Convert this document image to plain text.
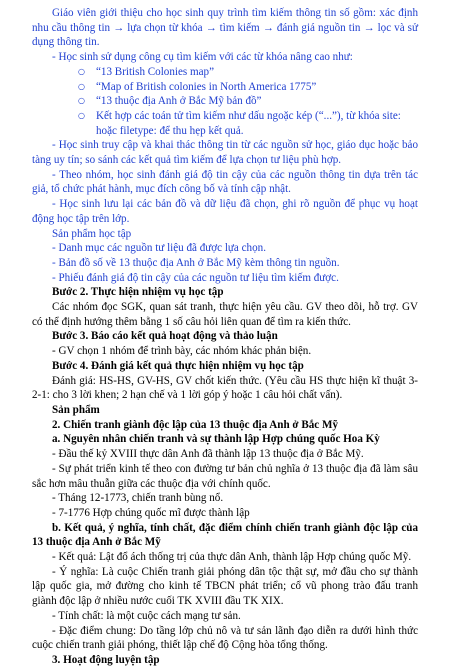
Giáo viên giới thiệu cho học sinh quy trình tìm kiếm thông tin số gồm: xác định nhu cầu thông tin → lựa chọn từ khóa → tìm kiếm → đánh giá nguồn tin → lọc và sử dụng thông tin.

- Học sinh sử dụng công cụ tìm kiếm với các từ khóa nâng cao như:

○ “13 British Colonies map”
○ “Map of British colonies in North America 1775”
○ “13 thuộc địa Anh ở Bắc Mỹ bản đồ”
○ Kết hợp các toán tử tìm kiếm như dấu ngoặc kép (“...”), từ khóa site: hoặc filetype: để thu hẹp kết quả.

- Học sinh truy cập và khai thác thông tin từ các nguồn sử học, giáo dục hoặc bảo tàng uy tín; so sánh các kết quả tìm kiếm để lựa chọn tư liệu phù hợp.

- Theo nhóm, học sinh đánh giá độ tin cậy của các nguồn thông tin dựa trên tác giả, tổ chức phát hành, mục đích công bố và tính cập nhật.

- Học sinh lưu lại các bản đồ và dữ liệu đã chọn, ghi rõ nguồn để phục vụ hoạt động học tập trên lớp.

Sản phẩm học tập

- Danh mục các nguồn tư liệu đã được lựa chọn.

- Bản đồ số về 13 thuộc địa Anh ở Bắc Mỹ kèm thông tin nguồn.

- Phiếu đánh giá độ tin cậy của các nguồn tư liệu tìm kiếm được.

Bước 2. Thực hiện nhiệm vụ học tập

Các nhóm đọc SGK, quan sát tranh, thực hiện yêu cầu. GV theo dõi, hỗ trợ. GV có thể định hướng thêm bằng 1 số câu hỏi liên quan để tìm ra kiến thức.

Bước 3. Báo cáo kết quả hoạt động và thảo luận

- GV chọn 1 nhóm để trình bày, các nhóm khác phản biện.

Bước 4. Đánh giá kết quả thực hiện nhiệm vụ học tập

Đánh giá: HS-HS, GV-HS, GV chốt kiến thức. (Yêu cầu HS thực hiện kĩ thuật 3-2-1: cho 3 lời khen; 2 hạn chế và 1 lời góp ý hoặc 1 câu hỏi chất vấn).

Sản phẩm

2. Chiến tranh giành độc lập của 13 thuộc địa Anh ở Bắc Mỹ

a. Nguyên nhân chiến tranh và sự thành lập Hợp chúng quốc Hoa Kỳ

- Đầu thế kỷ XVIII thực dân Anh đã thành lập 13 thuộc địa ở Bắc Mỹ.

- Sự phát triển kinh tế theo con đường tư bản chủ nghĩa ở 13 thuộc địa đã làm sâu sắc hơn mâu thuẫn giữa các thuộc địa với chính quốc.

- Tháng 12-1773, chiến tranh bùng nổ.

- 7-1776 Hợp chúng quốc mĩ được thành lập

b. Kết quả, ý nghĩa, tính chất, đặc điểm chính chiến tranh giành độc lập của 13 thuộc địa Anh ở Bắc Mỹ

- Kết quả: Lật đổ ách thống trị của thực dân Anh, thành lập Hợp chúng quốc Mỹ.

- Ý nghĩa: Là cuộc Chiến tranh giải phóng dân tộc thật sự, mở đầu cho sự thành lập quốc gia, mở đường cho kinh tế TBCN phát triển; cổ vũ phong trào đấu tranh giành độc lập ở nhiều nước cuối TK XVIII đầu TK XIX.

- Tính chất: là một cuộc cách mạng tư sản.

- Đặc điểm chung: Do tầng lớp chủ nô và tư sản lãnh đạo diễn ra dưới hình thức cuộc chiến tranh giải phóng, thiết lập chế độ Cộng hòa tổng thống.

3. Hoạt động luyện tập
